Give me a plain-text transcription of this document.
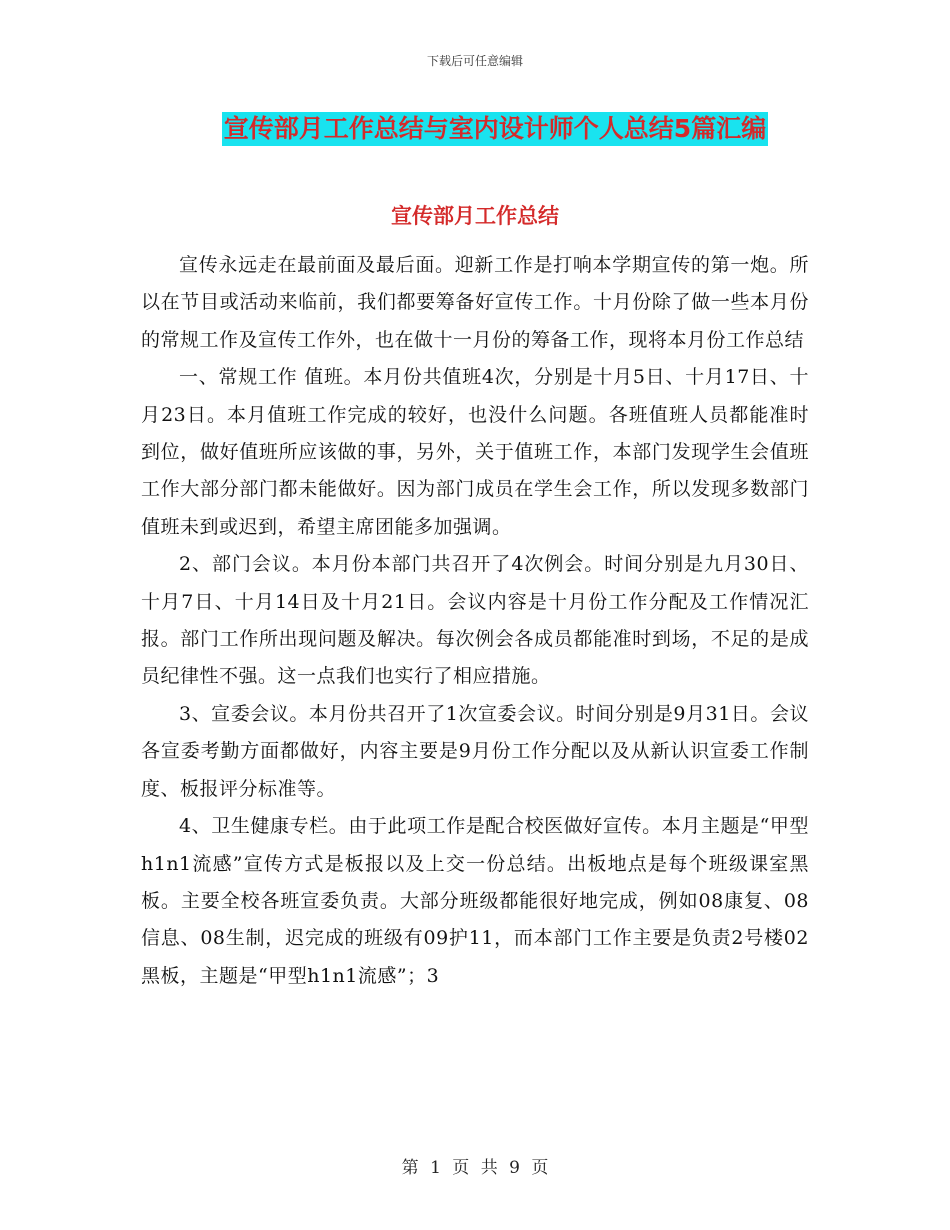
下载后可任意编辑
宣传部月工作总结与室内设计师个人总结5篇汇编
宣传部月工作总结

宣传永远走在最前面及最后面。迎新工作是打响本学期宣传的第一炮。所以在节目或活动来临前，我们都要筹备好宣传工作。十月份除了做一些本月份的常规工作及宣传工作外，也在做十一月份的筹备工作，现将本月份工作总结

一、常规工作 值班。本月份共值班4次，分别是十月5日、十月17日、十月23日。本月值班工作完成的较好，也没什么问题。各班值班人员都能准时到位，做好值班所应该做的事，另外，关于值班工作，本部门发现学生会值班工作大部分部门都未能做好。因为部门成员在学生会工作，所以发现多数部门值班未到或迟到，希望主席团能多加强调。

2、部门会议。本月份本部门共召开了4次例会。时间分别是九月30日、十月7日、十月14日及十月21日。会议内容是十月份工作分配及工作情况汇报。部门工作所出现问题及解决。每次例会各成员都能准时到场，不足的是成员纪律性不强。这一点我们也实行了相应措施。

3、宣委会议。本月份共召开了1次宣委会议。时间分别是9月31日。会议各宣委考勤方面都做好，内容主要是9月份工作分配以及从新认识宣委工作制度、板报评分标准等。

4、卫生健康专栏。由于此项工作是配合校医做好宣传。本月主题是“甲型h1n1流感”宣传方式是板报以及上交一份总结。出板地点是每个班级课室黑板。主要全校各班宣委负责。大部分班级都能很好地完成，例如08康复、08信息、08生制，迟完成的班级有09护11，而本部门工作主要是负责2号楼02黑板，主题是“甲型h1n1流感”；3

第 1 页 共 9 页
